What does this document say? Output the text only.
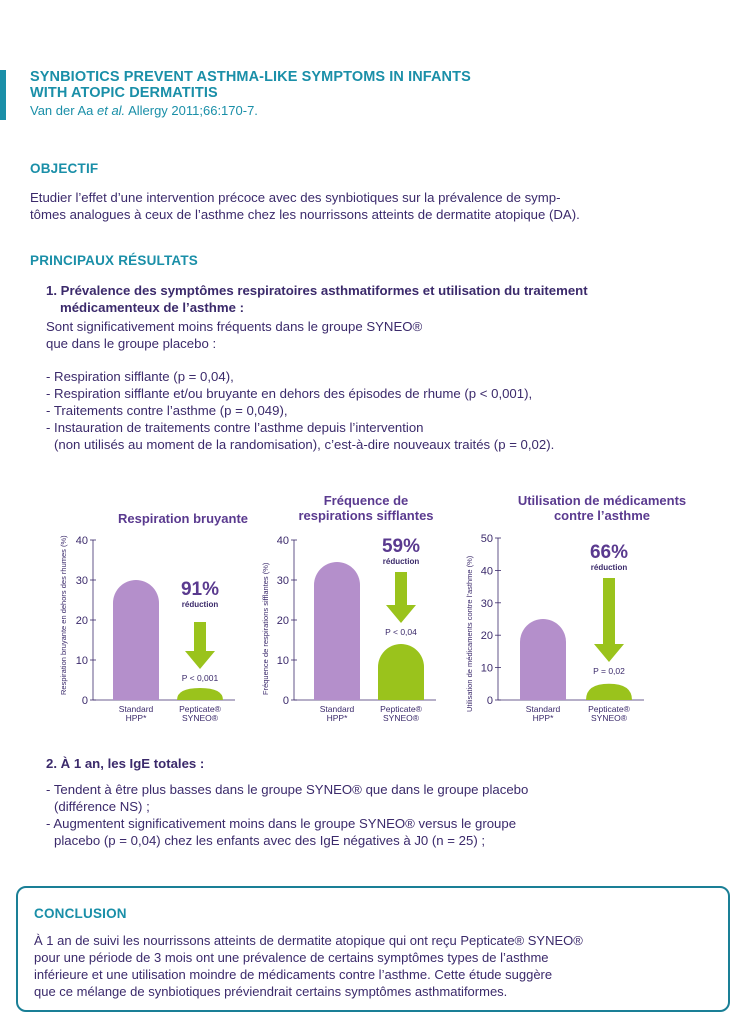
SYNBIOTICS PREVENT ASTHMA-LIKE SYMPTOMS IN INFANTS
WITH ATOPIC DERMATITIS
Van der Aa et al. Allergy 2011;66:170-7.
OBJECTIF
Etudier l’effet d’une intervention précoce avec des synbiotiques sur la prévalence de symp-
tômes analogues à ceux de l’asthme chez les nourrissons atteints de dermatite atopique (DA).
PRINCIPAUX RÉSULTATS
1. Prévalence des symptômes respiratoires asthmatiformes et utilisation du traitement
médicamenteux de l’asthme :
Sont significativement moins fréquents dans le groupe SYNEO®
que dans le groupe placebo :
- Respiration sifflante (p = 0,04),
- Respiration sifflante et/ou bruyante en dehors des épisodes de rhume (p < 0,001),
- Traitements contre l’asthme (p = 0,049),
- Instauration de traitements contre l’asthme depuis l’intervention
(non utilisés au moment de la randomisation), c’est-à-dire nouveaux traités (p = 0,02).
Respiration bruyante
Respiration bruyante en dehors des rhumes (%)
0
10
20
30
40
Standard
HPP*
Pepticate®
SYNEO®
91%
réduction
P < 0,001
Fréquence de
respirations sifflantes
Fréquence de respirations sifflantes (%)
0
10
20
30
40
Standard
HPP*
Pepticate®
SYNEO®
59%
réduction
P < 0,04
Utilisation de médicaments
contre l’asthme
Utilisation de médicaments contre l’asthme (%) 0
10
20
30
40
50
Standard
HPP*
Pepticate®
SYNEO®
66%
réduction
P = 0,02
2. À 1 an, les IgE totales :
- Tendent à être plus basses dans le groupe SYNEO® que dans le groupe placebo
(différence NS) ;
- Augmentent significativement moins dans le groupe SYNEO® versus le groupe
placebo (p = 0,04) chez les enfants avec des IgE négatives à J0 (n = 25) ;
CONCLUSION
À 1 an de suivi les nourrissons atteints de dermatite atopique qui ont reçu Pepticate® SYNEO®
pour une période de 3 mois ont une prévalence de certains symptômes types de l’asthme
inférieure et une utilisation moindre de médicaments contre l’asthme. Cette étude suggère
que ce mélange de synbiotiques préviendrait certains symptômes asthmatiformes.
